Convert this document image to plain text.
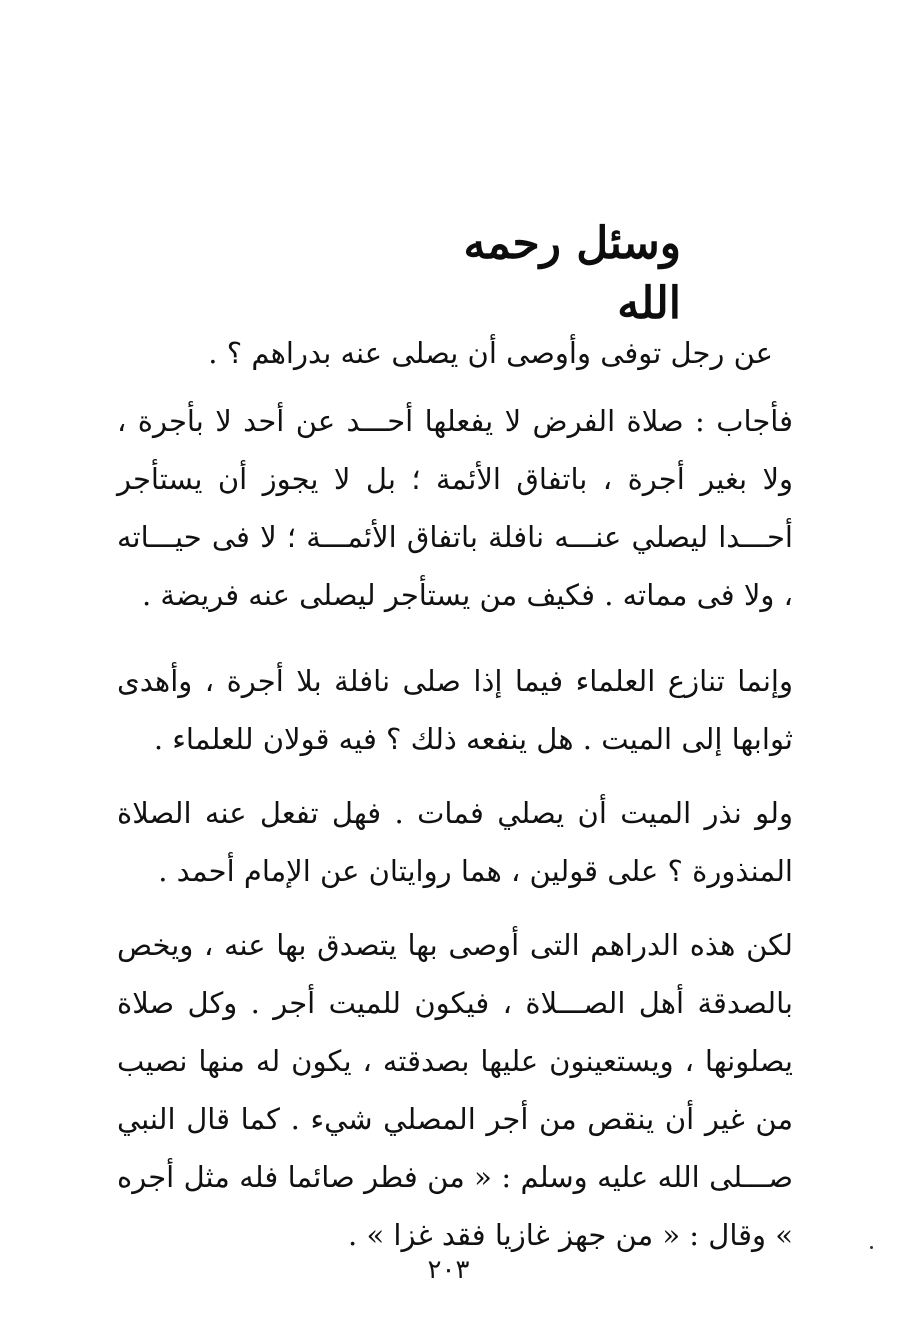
وسئل رحمه الله

عن رجل توفى وأوصى أن يصلى عنه بدراهم ؟ .

فأجاب : صلاة الفرض لا يفعلها أحـــد عن أحد لا بأجرة ، ولا بغير أجرة ، باتفاق الأئمة ؛ بل لا يجوز أن يستأجر أحـــدا ليصلي عنـــه نافلة باتفاق الأئمـــة ؛ لا فى حيـــاته ، ولا فى مماته . فكيف من يستأجر ليصلى عنه فريضة .

وإنما تنازع العلماء فيما إذا صلى نافلة بلا أجرة ، وأهدى ثوابها إلى الميت . هل ينفعه ذلك ؟ فيه قولان للعلماء .

ولو نذر الميت أن يصلي فمات . فهل تفعل عنه الصلاة المنذورة ؟ على قولين ، هما روايتان عن الإمام أحمد .

لكن هذه الدراهم التى أوصى بها يتصدق بها عنه ، ويخص بالصدقة أهل الصـــلاة ، فيكون للميت أجر . وكل صلاة يصلونها ، ويستعينون عليها بصدقته ، يكون له منها نصيب من غير أن ينقص من أجر المصلي شيء . كما قال النبي صـــلى الله عليه وسلم : « من فطر صائما فله مثل أجره » وقال : « من جهز غازيا فقد غزا » .

٢٠٣
